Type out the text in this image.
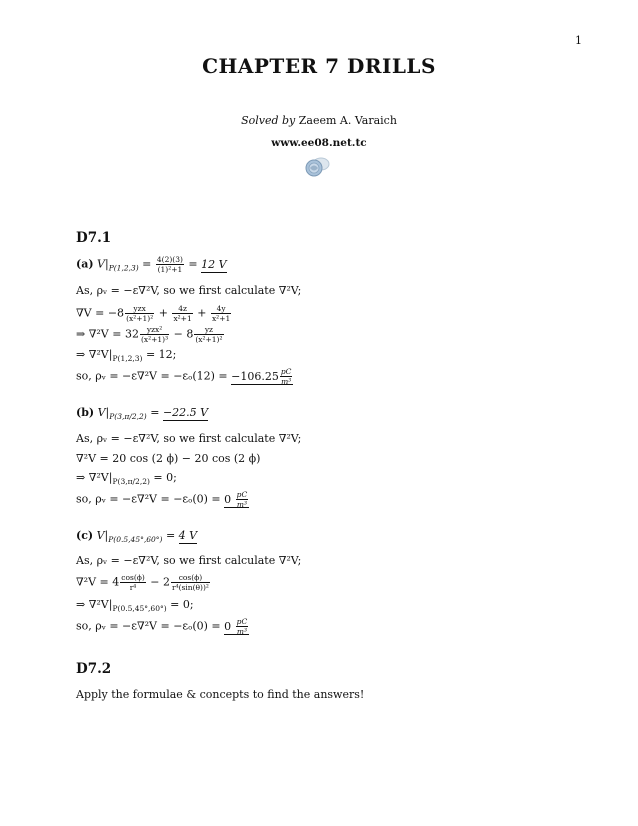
1
CHAPTER 7 DRILLS
Solved by Zaeem A. Varaich
www.ee08.net.tc
D7.1
(a) $V|_{P(1,2,3)} = \frac{4(2)(3)}{\text{(1)²+1}} = 12$ V
As, ρᵥ = −ε∇²V, so we first calculate ∇²V;
$\nabla V = -8 \frac{\text{yzx}}{\text{(x²+1)²}} + \frac{4z}{\text{x²+1}} + \frac{4y}{\text{x²+1}}$
⇒ $\nabla^2V = 32 \frac{\text{yzx²}}{\text{(x²+1)³}} - 8 \frac{yz}{\text{(x²+1)²}}$
⇒ $\nabla^2V|_{P(1,2,3)} = 12$;
so, ρᵥ = $-\varepsilon\nabla^2V = -\varepsilon_o(12) = -106.25 \frac{pC}{\text{m³}}$
(b) $V|_{P(3,\pi/2,2)} = -22.5$ V
As, ρᵥ = −ε∇²V, so we first calculate ∇²V;
∇²V = 20 cos (2 ϕ) − 20 cos (2 ϕ)
⇒ $\nabla^2V|_{P(3,\pi/2,2)} = 0$;
so, ρᵥ = $-\varepsilon\nabla^2V = -\varepsilon_o(0) = 0 \frac{pC}{\text{m³}}$
(c) $V|_{P(0.5,45^\circ,60^\circ)} = 4$ V
As, ρᵥ = −ε∇²V, so we first calculate ∇²V;
$\nabla^2V = 4 \frac{\cos(\phi)}{\text{r⁴}} - 2 \frac{\cos(\phi)}{\text{r⁴(sin(θ))²}}$
⇒ $\nabla^2V|_{P(0.5,45^\circ,60^\circ)} = 0$;
so, ρᵥ = $-\varepsilon\nabla^2V = -\varepsilon_o(0) = 0 \frac{pC}{\text{m³}}$
D7.2
Apply the formulae & concepts to find the answers!
